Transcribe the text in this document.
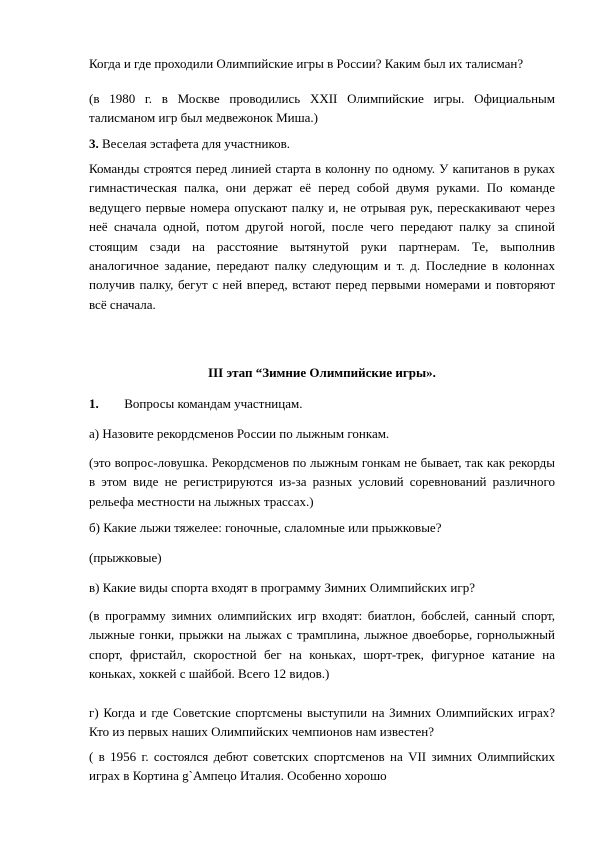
Когда и где проходили Олимпийские игры в России? Каким был их талисман?

(в 1980 г. в Москве проводились XXII Олимпийские игры. Официальным талисманом игр был медвежонок Миша.)

3. Веселая эстафета для участников.

Команды строятся перед линией старта в колонну по одному. У капитанов в руках гимнастическая палка, они держат её перед собой двумя руками. По команде ведущего первые номера опускают палку и, не отрывая рук, перескакивают через неё сначала одной, потом другой ногой, после чего передают палку за спиной стоящим сзади на расстояние вытянутой руки партнерам. Те, выполнив аналогичное задание, передают палку следующим и т. д. Последние в колоннах получив палку, бегут с ней вперед, встают перед первыми номерами и повторяют всё сначала.

III этап “Зимние Олимпийские игры».

1. Вопросы командам участницам.

а) Назовите рекордсменов России по лыжным гонкам.

(это вопрос-ловушка. Рекордсменов по лыжным гонкам не бывает, так как рекорды в этом виде не регистрируются из-за разных условий соревнований различного рельефа местности на лыжных трассах.)

б) Какие лыжи тяжелее: гоночные, слаломные или прыжковые?

(прыжковые)

в) Какие виды спорта входят в программу Зимних Олимпийских игр?

(в программу зимних олимпийских игр входят: биатлон, бобслей, санный спорт, лыжные гонки, прыжки на лыжах с трамплина, лыжное двоеборье, горнолыжный спорт, фристайл, скоростной бег на коньках, шорт-трек, фигурное катание на коньках, хоккей с шайбой. Всего 12 видов.)

г) Когда и где Советские спортсмены выступили на Зимних Олимпийских играх? Кто из первых наших Олимпийских чемпионов нам известен?

( в 1956 г. состоялся дебют советских спортсменов на VII зимних Олимпийских играх в Кортина g`Ампецо Италия. Особенно хорошо
